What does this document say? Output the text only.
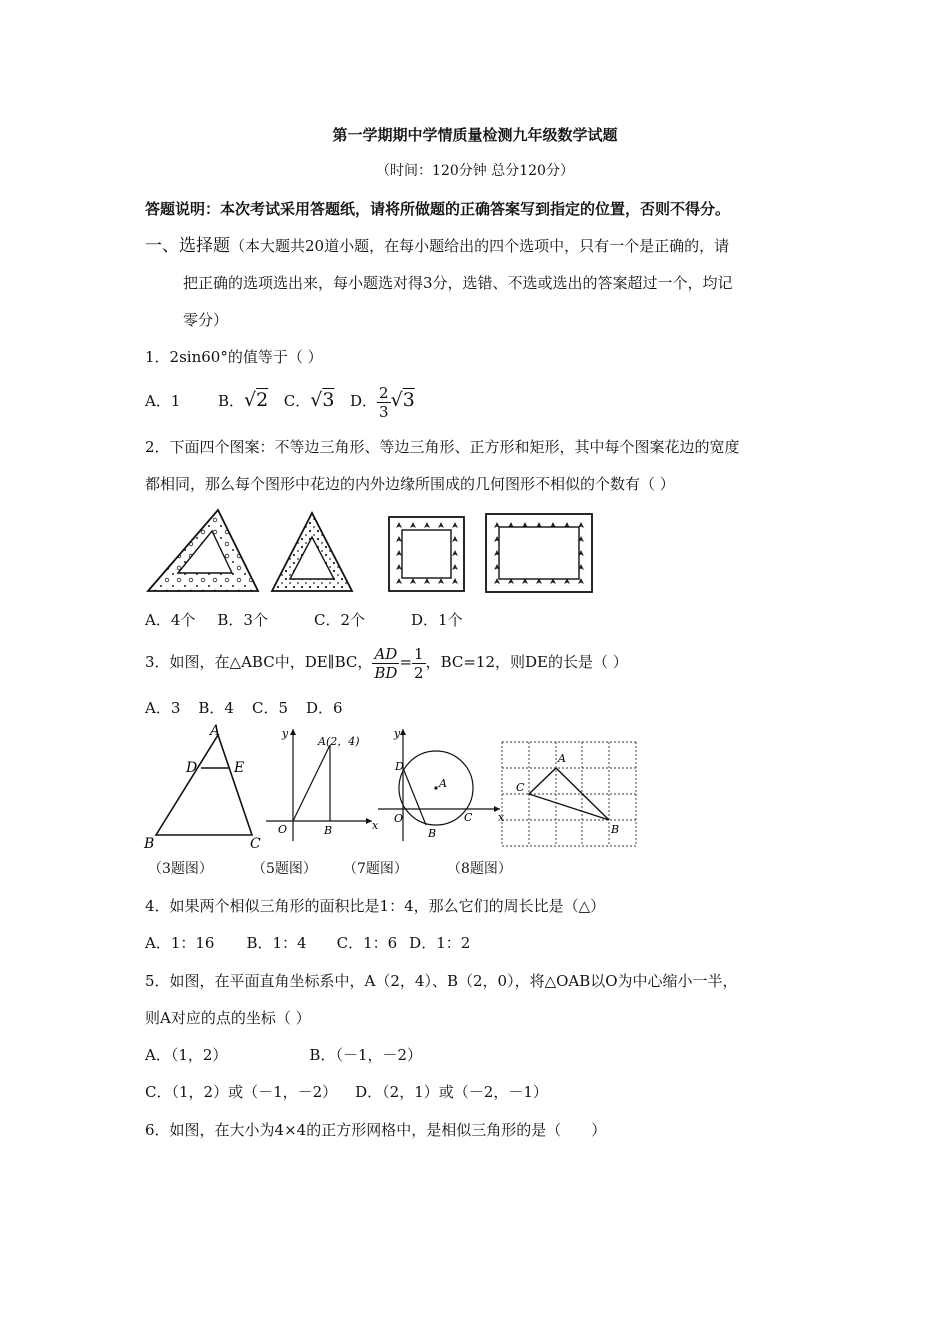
第一学期期中学情质量检测九年级数学试题
（时间：120分钟 总分120分）
答题说明：本次考试采用答题纸，请将所做题的正确答案写到指定的位置，否则不得分。
一、选择题（本大题共20道小题，在每小题给出的四个选项中，只有一个是正确的，请
把正确的选项选出来，每小题选对得3分，选错、不选或选出的答案超过一个，均记
零分）
1．2sin60°的值等于（ ）
A．1	B．√2 C．√3 D． $\frac{2}{3} √3$
2．下面四个图案：不等边三角形、等边三角形、正方形和矩形，其中每个图案花边的宽度
都相同，那么每个图形中花边的内外边缘所围成的几何图形不相似的个数有（ ）
A．4个 B．3个	C．2个	D．1个
3．如图，在△ABC中，DE∥BC， $\frac{AD}{BD} = \frac{1}{2}$ ，BC=12，则DE的长是（ ）
A．3 B．4 C．5 D．6
A
D	E
B	C
y
x
O	B
A(2，4)
y
x
O
D
A
B
C
A
B
C
（3题图）	（5题图） （7题图）	（8题图）
4．如果两个相似三角形的面积比是1：4，那么它们的周长比是（△）
A．1：16 B．1：4 C．1：6 D．1：2
5．如图，在平面直角坐标系中，A（2，4）、B（2，0），将△OAB以O为中心缩小一半，
则A对应的点的坐标（ ）
A．（1，2）	B．（－1，－2）
C．（1，2）或（－1，－2） D．（2，1）或（－2，－1）
6．如图，在大小为4×4的正方形网格中，是相似三角形的是（　　）
